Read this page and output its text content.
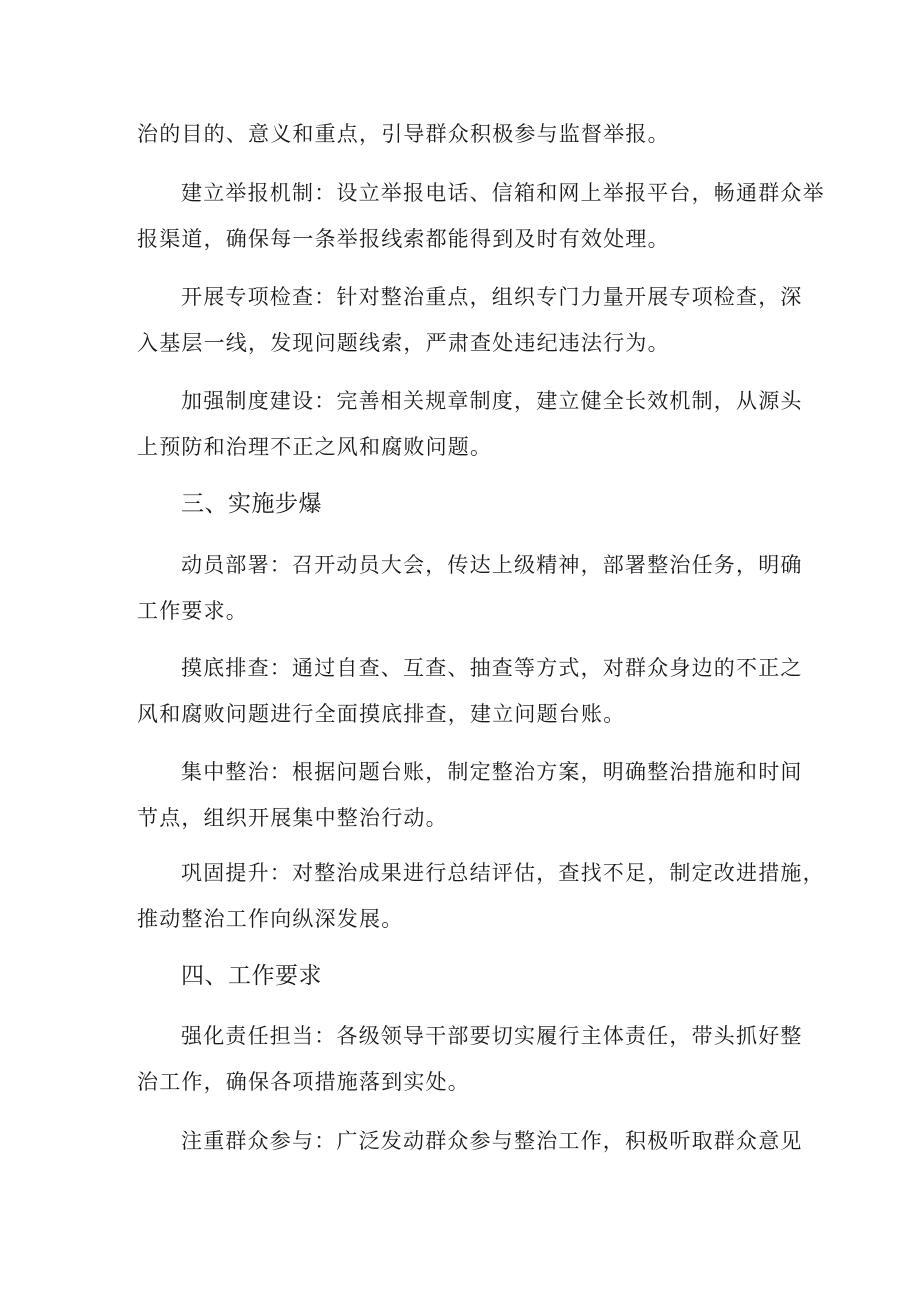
治的目的、意义和重点，引导群众积极参与监督举报。

建立举报机制：设立举报电话、信箱和网上举报平台，畅通群众举
报渠道，确保每一条举报线索都能得到及时有效处理。

开展专项检查：针对整治重点，组织专门力量开展专项检查，深
入基层一线，发现问题线索，严肃查处违纪违法行为。

加强制度建设：完善相关规章制度，建立健全长效机制，从源头
上预防和治理不正之风和腐败问题。

三、实施步爆

动员部署：召开动员大会，传达上级精神，部署整治任务，明确
工作要求。

摸底排查：通过自查、互查、抽查等方式，对群众身边的不正之
风和腐败问题进行全面摸底排查，建立问题台账。

集中整治：根据问题台账，制定整治方案，明确整治措施和时间
节点，组织开展集中整治行动。

巩固提升：对整治成果进行总结评估，查找不足，制定改进措施，
推动整治工作向纵深发展。

四、工作要求

强化责任担当：各级领导干部要切实履行主体责任，带头抓好整
治工作，确保各项措施落到实处。

注重群众参与：广泛发动群众参与整治工作，积极听取群众意见
